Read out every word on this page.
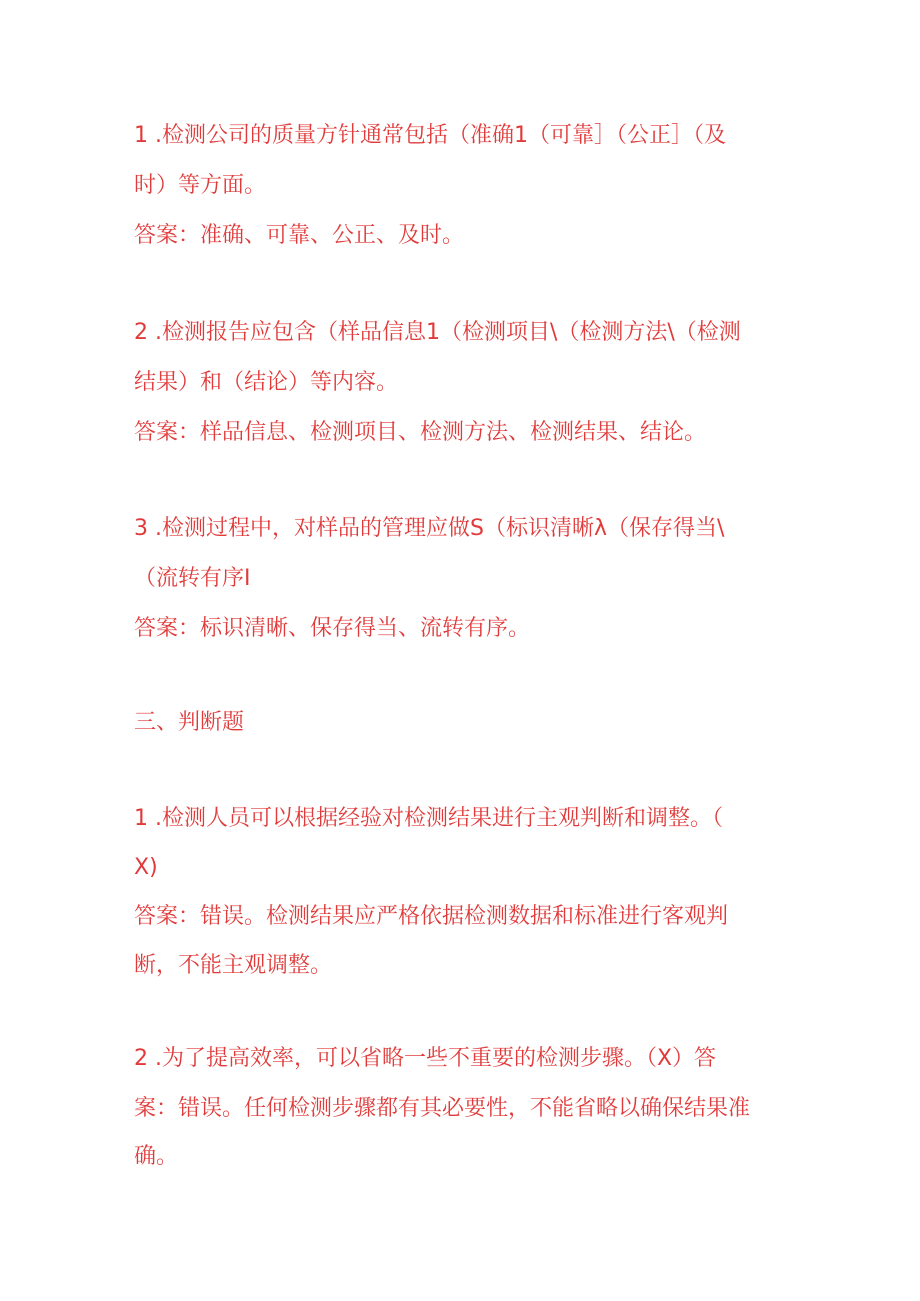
1 .检测公司的质量方针通常包括（准确1（可靠］（公正］（及
时）等方面。
答案：准确、可靠、公正、及时。
2 .检测报告应包含（样品信息1（检测项目\（检测方法\（检测
结果）和（结论）等内容。
答案：样品信息、检测项目、检测方法、检测结果、结论。
3 .检测过程中，对样品的管理应做S（标识清晰λ（保存得当\
（流转有序I
答案：标识清晰、保存得当、流转有序。
三、判断题
1 .检测人员可以根据经验对检测结果进行主观判断和调整。（
X)
答案：错误。检测结果应严格依据检测数据和标准进行客观判
断，不能主观调整。
2 .为了提高效率，可以省略一些不重要的检测步骤。（X）答
案：错误。任何检测步骤都有其必要性，不能省略以确保结果准
确。
